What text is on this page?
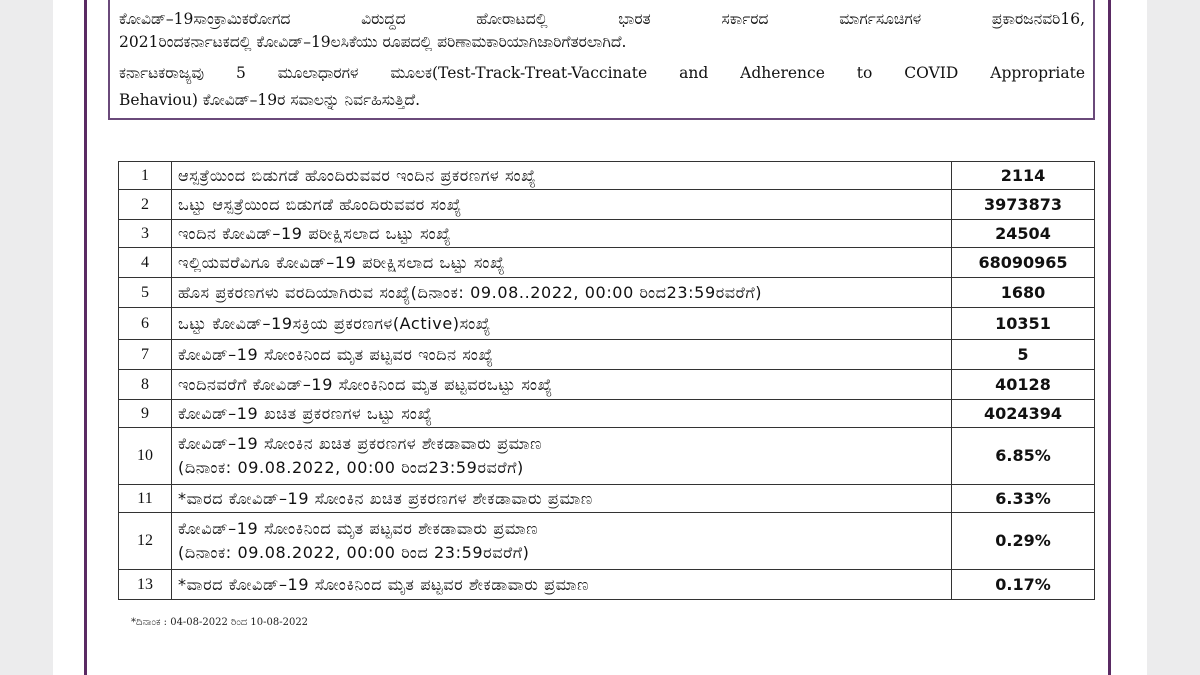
ಕೋವಿಡ್–19ಸಾಂಕ್ರಾಮಿಕರೋಗದ ವಿರುದ್ಧದ ಹೋರಾಟದಲ್ಲಿ ಭಾರತ ಸರ್ಕಾರದ ಮಾರ್ಗಸೂಚಿಗಳ ಪ್ರಕಾರಜನವರಿ16,
2021ರಿಂದಕರ್ನಾಟಕದಲ್ಲಿ ಕೋವಿಡ್–19ಲಸಿಕೆಯು ರೂಪದಲ್ಲಿ ಪರಿಣಾಮಕಾರಿಯಾಗಿಜಾರಿಗೆತರಲಾಗಿದೆ.
ಕರ್ನಾಟಕರಾಜ್ಯವು 5 ಮೂಲಾಧಾರಗಳ ಮೂಲಕ(Test-Track-Treat-Vaccinate and Adherence to COVID Appropriate
Behaviou) ಕೋವಿಡ್–19ರ ಸವಾಲನ್ನು ನಿರ್ವಹಿಸುತ್ತಿದೆ.
1	ಆಸ್ಪತ್ರೆಯಿಂದ ಬಿಡುಗಡೆ ಹೊಂದಿರುವವರ ಇಂದಿನ ಪ್ರಕರಣಗಳ ಸಂಖ್ಯೆ	2114
2	ಒಟ್ಟು ಆಸ್ಪತ್ರೆಯಿಂದ ಬಿಡುಗಡೆ ಹೊಂದಿರುವವರ ಸಂಖ್ಯೆ	3973873
3	ಇಂದಿನ ಕೋವಿಡ್–19 ಪರೀಕ್ಷಿಸಲಾದ ಒಟ್ಟು ಸಂಖ್ಯೆ	24504
4	ಇಲ್ಲಿಯವರೆವಿಗೂ ಕೋವಿಡ್–19 ಪರೀಕ್ಷಿಸಲಾದ ಒಟ್ಟು ಸಂಖ್ಯೆ	68090965
5	ಹೊಸ ಪ್ರಕರಣಗಳು ವರದಿಯಾಗಿರುವ ಸಂಖ್ಯೆ(ದಿನಾಂಕ: 09.08..2022, 00:00 ರಿಂದ23:59ರವರೆಗೆ)	1680
6	ಒಟ್ಟು ಕೋವಿಡ್–19ಸಕ್ರಿಯ ಪ್ರಕರಣಗಳ(Active)ಸಂಖ್ಯೆ	10351
7	ಕೋವಿಡ್–19 ಸೋಂಕಿನಿಂದ ಮೃತ ಪಟ್ಟವರ ಇಂದಿನ ಸಂಖ್ಯೆ	5
8	ಇಂದಿನವರೆಗೆ ಕೋವಿಡ್–19 ಸೋಂಕಿನಿಂದ ಮೃತ ಪಟ್ಟವರಒಟ್ಟು ಸಂಖ್ಯೆ	40128
9	ಕೋವಿಡ್–19 ಖಚಿತ ಪ್ರಕರಣಗಳ ಒಟ್ಟು ಸಂಖ್ಯೆ	4024394
10	ಕೋವಿಡ್–19 ಸೋಂಕಿನ ಖಚಿತ ಪ್ರಕರಣಗಳ ಶೇಕಡಾವಾರು ಪ್ರಮಾಣ
(ದಿನಾಂಕ: 09.08.2022, 00:00 ರಿಂದ23:59ರವರೆಗೆ)	6.85%
11	*ವಾರದ ಕೋವಿಡ್–19 ಸೋಂಕಿನ ಖಚಿತ ಪ್ರಕರಣಗಳ ಶೇಕಡಾವಾರು ಪ್ರಮಾಣ	6.33%
12	ಕೋವಿಡ್–19 ಸೋಂಕಿನಿಂದ ಮೃತ ಪಟ್ಟವರ ಶೇಕಡಾವಾರು ಪ್ರಮಾಣ
(ದಿನಾಂಕ: 09.08.2022, 00:00 ರಿಂದ 23:59ರವರೆಗೆ)	0.29%
13	*ವಾರದ ಕೋವಿಡ್–19 ಸೋಂಕಿನಿಂದ ಮೃತ ಪಟ್ಟವರ ಶೇಕಡಾವಾರು ಪ್ರಮಾಣ	0.17%
*ದಿನಾಂಕ : 04-08-2022 ರಿಂದ 10-08-2022
